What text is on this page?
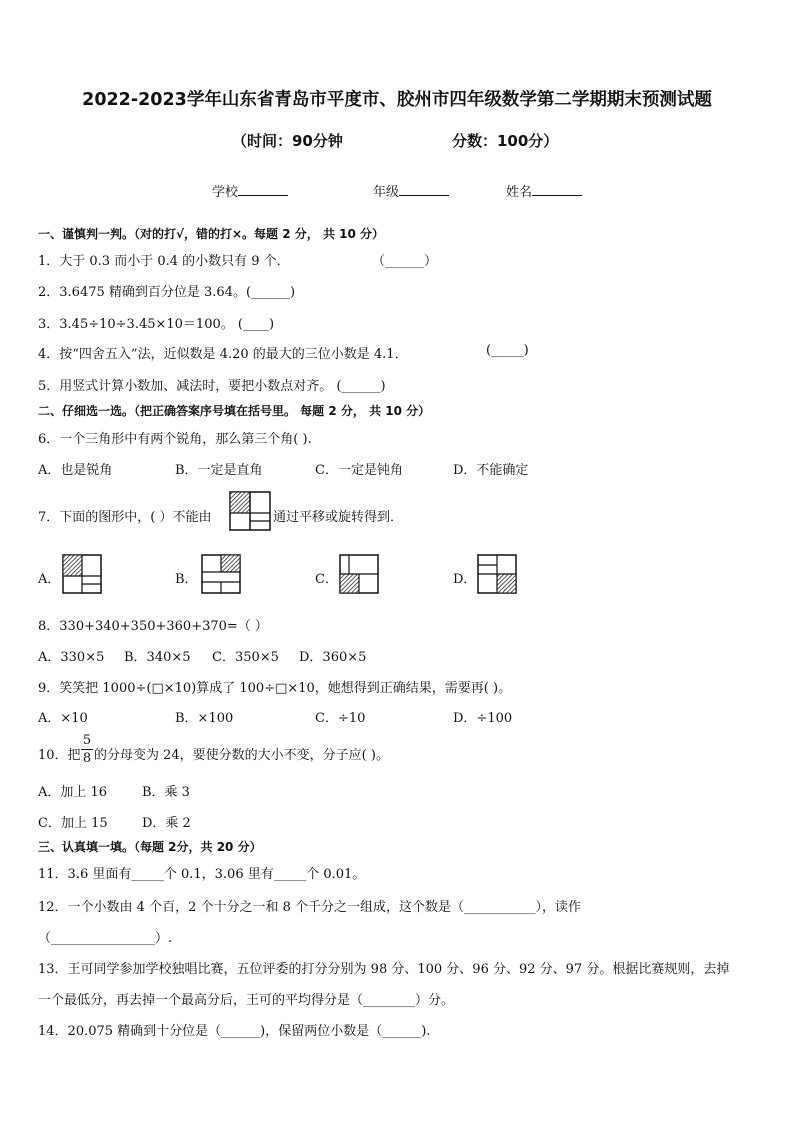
2022-2023学年山东省青岛市平度市、胶州市四年级数学第二学期期末预测试题
（时间：90分钟	分数：100分）
学校	年级	姓名
一、谨慎判一判。（对的打√，错的打×。每题 2 分， 共 10 分）
1．大于 0.3 而小于 0.4 的小数只有 9 个．	（______）
2．3.6475 精确到百分位是 3.64。(______)
3．3.45÷10÷3.45×10＝100。 (____)
4．按“四舍五入”法，近似数是 4.20 的最大的三位小数是 4.1．	(_____)
5．用竖式计算小数加、减法时，要把小数点对齐。 (______)
二、仔细选一选。（把正确答案序号填在括号里。 每题 2 分， 共 10 分）
6．一个三角形中有两个锐角，那么第三个角( ).
A．也是锐角	B．一定是直角	C．一定是钝角	D．不能确定
7．下面的图形中，( ）不能由	通过平移或旋转得到．
A．	B．	C．	D．
8．330+340+350+360+370=（ ）
A．330×5 B．340×5 C．350×5 D．360×5
9．笑笑把 1000÷(□×10)算成了 100÷□×10，她想得到正确结果，需要再( )。
A．×10	B．×100	C．÷10	D．÷100
10．把 $\frac{5}{8}$ 的分母变为 24，要使分数的大小不变，分子应( )。
A．加上 16	B．乘 3
C．加上 15	D．乘 2
三、认真填一填。（每题 2分，共 20 分）
11．3.6 里面有_____个 0.1，3.06 里有_____个 0.01。
12．一个小数由 4 个百，2 个十分之一和 8 个千分之一组成，这个数是（___________），读作
（________________）.
13．王可同学参加学校独唱比赛，五位评委的打分分别为 98 分、100 分、96 分、92 分、97 分。根据比赛规则，去掉
一个最低分，再去掉一个最高分后，王可的平均得分是（________）分。
14．20.075 精确到十分位是（______)，保留两位小数是（______).
